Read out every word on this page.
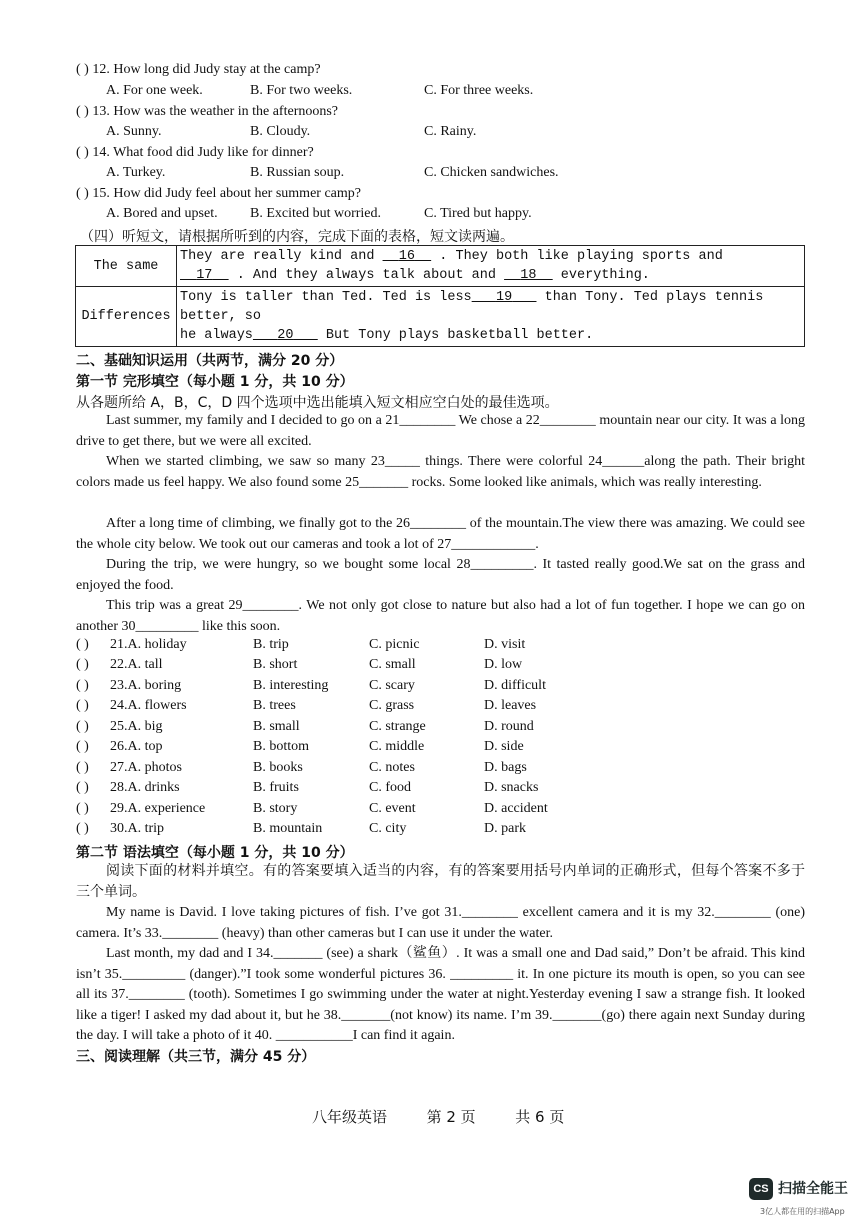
( ) 12. How long did Judy stay at the camp?
A. For one week.	B. For two weeks.	C. For three weeks.
( ) 13. How was the weather in the afternoons?
A. Sunny.	B. Cloudy.	C. Rainy.
( ) 14. What food did Judy like for dinner?
A. Turkey.	B. Russian soup.	C. Chicken sandwiches.
( ) 15. How did Judy feel about her summer camp?
A. Bored and upset. B. Excited but worried.	C. Tired but happy.
（四）听短文，请根据所听到的内容，完成下面的表格，短文读两遍。
The same	They are really kind and 16 . They both like playing sports and
17 . And they always talk about and 18 everything.
Differences	Tony is taller than Ted. Ted is less 19 than Tony. Ted plays tennis better, so
he always 20 But Tony plays basketball better.
二、基础知识运用（共两节，满分 20 分）
第一节 完形填空（每小题 1 分，共 10 分）
从各题所给 A，B，C，D 四个选项中选出能填入短文相应空白处的最佳选项。
Last summer, my family and I decided to go on a 21________ We chose a 22________ mountain near our city. It was a long drive to get there, but we were all excited.
When we started climbing, we saw so many 23_____ things. There were colorful 24______along the path. Their bright colors made us feel happy. We also found some 25_______ rocks. Some looked like animals, which was really interesting.
After a long time of climbing, we finally got to the 26________ of the mountain.The view there was amazing. We could see the whole city below. We took out our cameras and took a lot of 27____________.
During the trip, we were hungry, so we bought some local 28_________. It tasted really good.We sat on the grass and enjoyed the food.
This trip was a great 29________. We not only got close to nature but also had a lot of fun together. I hope we can go on another 30_________ like this soon.
( ) 21.A. holiday	B. trip	C. picnic	D. visit
( ) 22.A. tall	B. short	C. small	D. low
( ) 23.A. boring	B. interesting	C. scary	D. difficult
( ) 24.A. flowers	B. trees	C. grass	D. leaves
( ) 25.A. big	B. small	C. strange	D. round
( ) 26.A. top	B. bottom	C. middle	D. side
( ) 27.A. photos	B. books	C. notes	D. bags
( ) 28.A. drinks	B. fruits	C. food	D. snacks
( ) 29.A. experience	B. story	C. event	D. accident
( ) 30.A. trip	B. mountain	C. city	D. park
第二节 语法填空（每小题 1 分，共 10 分）
阅读下面的材料并填空。有的答案要填入适当的内容，有的答案要用括号内单词的正确形式，但每个答案不多于三个单词。
My name is David. I love taking pictures of fish. I’ve got 31.________ excellent camera and it is my 32.________ (one) camera. It’s 33.________ (heavy) than other cameras but I can use it under the water.
Last month, my dad and I 34._______ (see) a shark（鲨鱼）. It was a small one and Dad said,” Don’t be afraid. This kind isn’t 35._________ (danger).”I took some wonderful pictures 36. _________ it. In one picture its mouth is open, so you can see all its 37.________ (tooth). Sometimes I go swimming under the water at night.Yesterday evening I saw a strange fish. It looked like a tiger! I asked my dad about it, but he 38._______(not know) its name. I’m 39._______(go) there again next Sunday during the day. I will take a photo of it 40. ___________I can find it again.
三、阅读理解（共三节，满分 45 分）
八年级英语	第 2 页	共 6 页
CS 扫描全能王
3亿人都在用的扫描App
